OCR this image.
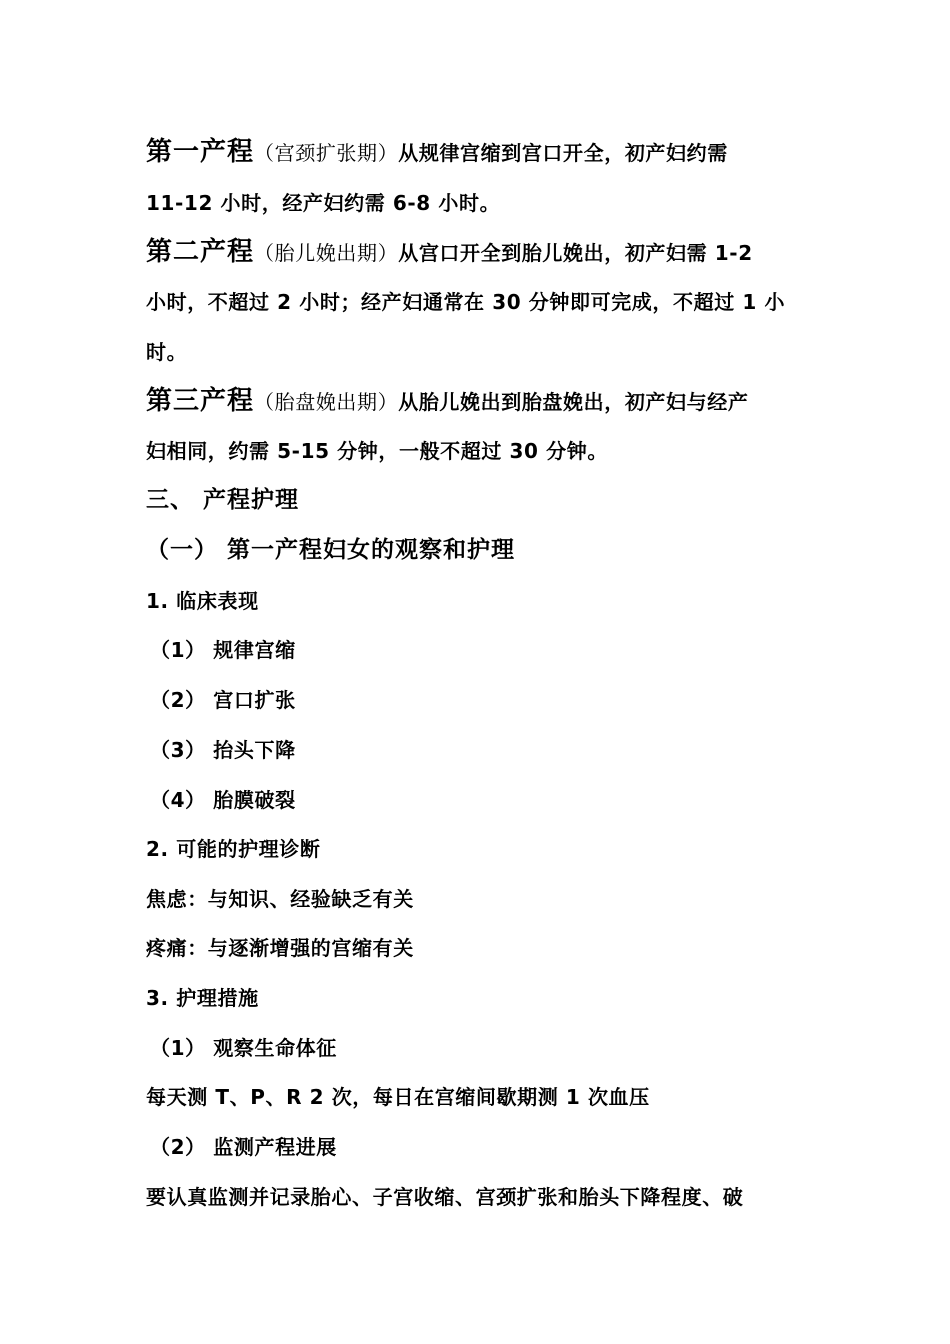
第一产程（宫颈扩张期）从规律宫缩到宫口开全，初产妇约需
11-12 小时，经产妇约需 6-8 小时。
第二产程（胎儿娩出期）从宫口开全到胎儿娩出，初产妇需 1-2
小时，不超过 2 小时；经产妇通常在 30 分钟即可完成，不超过 1 小
时。
第三产程（胎盘娩出期）从胎儿娩出到胎盘娩出，初产妇与经产
妇相同，约需 5-15 分钟，一般不超过 30 分钟。
三、 产程护理
（一） 第一产程妇女的观察和护理
1. 临床表现
（1） 规律宫缩
（2） 宫口扩张
（3） 抬头下降
（4） 胎膜破裂
2. 可能的护理诊断
焦虑：与知识、经验缺乏有关
疼痛：与逐渐增强的宫缩有关
3. 护理措施
（1） 观察生命体征
每天测 T、P、R 2 次，每日在宫缩间歇期测 1 次血压
（2） 监测产程进展
要认真监测并记录胎心、子宫收缩、宫颈扩张和胎头下降程度、破
